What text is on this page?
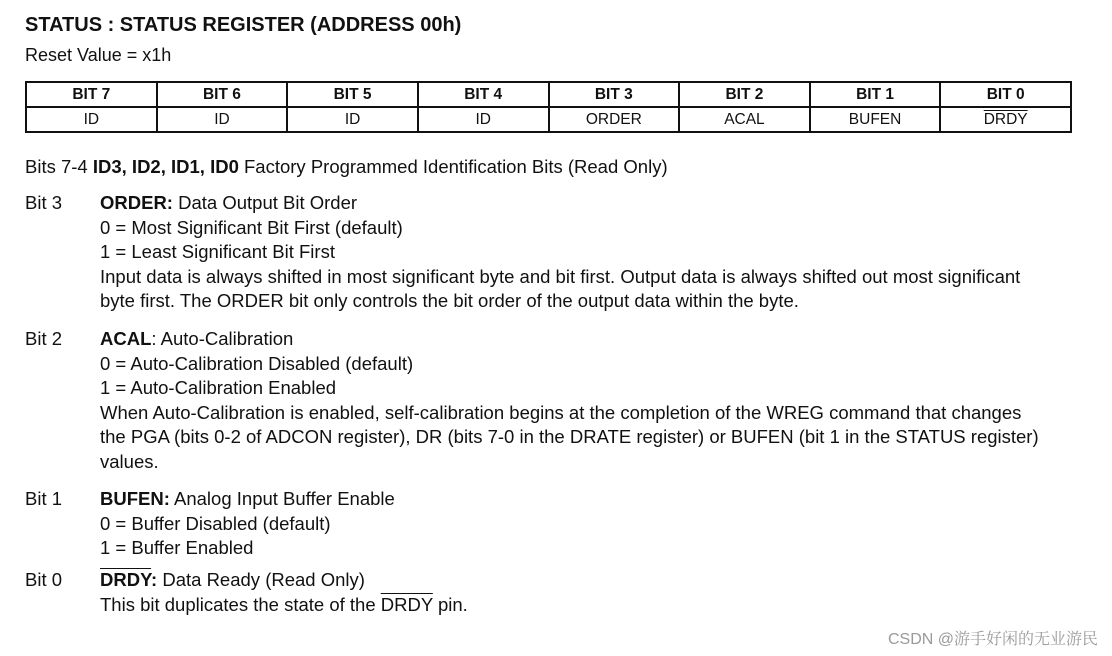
STATUS : STATUS REGISTER (ADDRESS 00h)
Reset Value = x1h
BIT 7	BIT 6	BIT 5	BIT 4	BIT 3	BIT 2	BIT 1	BIT 0
ID	ID	ID	ID	ORDER	ACAL	BUFEN	DRDY
Bits 7-4 ID3, ID2, ID1, ID0 Factory Programmed Identification Bits (Read Only)
Bit 3 ORDER: Data Output Bit Order
0 = Most Significant Bit First (default)
1 = Least Significant Bit First
Input data is always shifted in most significant byte and bit first. Output data is always shifted out most significant
byte first. The ORDER bit only controls the bit order of the output data within the byte.
Bit 2 ACAL: Auto-Calibration
0 = Auto-Calibration Disabled (default)
1 = Auto-Calibration Enabled
When Auto-Calibration is enabled, self-calibration begins at the completion of the WREG command that changes
the PGA (bits 0-2 of ADCON register), DR (bits 7-0 in the DRATE register) or BUFEN (bit 1 in the STATUS register)
values.
Bit 1 BUFEN: Analog Input Buffer Enable
0 = Buffer Disabled (default)
1 = Buffer Enabled
Bit 0 DRDY: Data Ready (Read Only)
This bit duplicates the state of the DRDY pin.
CSDN @游手好闲的无业游民
